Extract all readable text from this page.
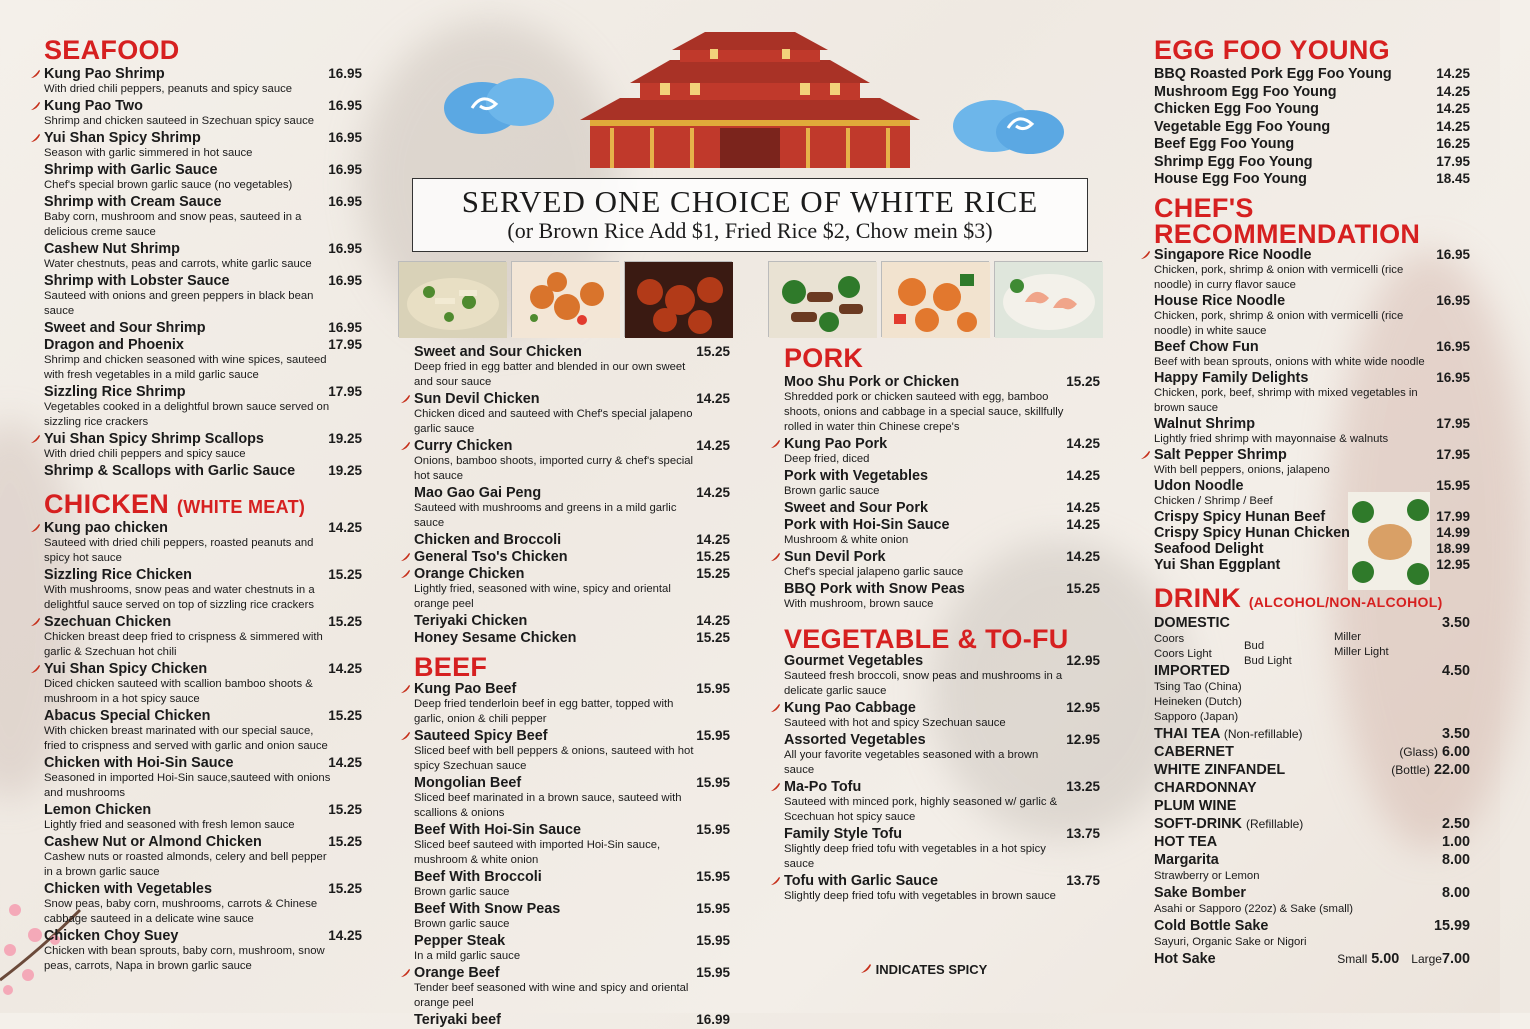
SERVED ONE CHOICE OF WHITE RICE
(or Brown Rice Add $1, Fried Rice $2, Chow mein $3)
SEAFOOD
Kung Pao Shrimp	16.95
With dried chili peppers, peanuts and spicy sauce
Kung Pao Two	16.95
Shrimp and chicken sauteed in Szechuan spicy sauce
Yui Shan Spicy Shrimp	16.95
Season with garlic simmered in hot sauce
Shrimp with Garlic Sauce	16.95
Chef's special brown garlic sauce (no vegetables)
Shrimp with Cream Sauce	16.95
Baby corn, mushroom and snow peas, sauteed in a delicious creme sauce
Cashew Nut Shrimp	16.95
Water chestnuts, peas and carrots, white garlic sauce
Shrimp with Lobster Sauce	16.95
Sauteed with onions and green peppers in black bean sauce
Sweet and Sour Shrimp	16.95
Dragon and Phoenix	17.95
Shrimp and chicken seasoned with wine spices, sauteed with fresh vegetables in a mild garlic sauce
Sizzling Rice Shrimp	17.95
Vegetables cooked in a delightful brown sauce served on sizzling rice crackers
Yui Shan Spicy Shrimp Scallops	19.25
With dried chili peppers and spicy sauce
Shrimp & Scallops with Garlic Sauce	19.25
CHICKEN (WHITE MEAT)
Kung pao chicken	14.25
Sauteed with dried chili peppers, roasted peanuts and spicy hot sauce
Sizzling Rice Chicken	15.25
With mushrooms, snow peas and water chestnuts in a delightful sauce served on top of sizzling rice crackers
Szechuan Chicken	15.25
Chicken breast deep fried to crispness & simmered with garlic & Szechuan hot chili
Yui Shan Spicy Chicken	14.25
Diced chicken sauteed with scallion bamboo shoots & mushroom in a hot spicy sauce
Abacus Special Chicken	15.25
With chicken breast marinated with our special sauce, fried to crispness and served with garlic and onion sauce
Chicken with Hoi-Sin Sauce	14.25
Seasoned in imported Hoi-Sin sauce,sauteed with onions and mushrooms
Lemon Chicken	15.25
Lightly fried and seasoned with fresh lemon sauce
Cashew Nut or Almond Chicken	15.25
Cashew nuts or roasted almonds, celery and bell pepper in a brown garlic sauce
Chicken with Vegetables	15.25
Snow peas, baby corn, mushrooms, carrots & Chinese cabbage sauteed in a delicate wine sauce
Chicken Choy Suey	14.25
Chicken with bean sprouts, baby corn, mushroom, snow peas, carrots, Napa in brown garlic sauce
Sweet and Sour Chicken	15.25
Deep fried in egg batter and blended in our own sweet and sour sauce
Sun Devil Chicken	14.25
Chicken diced and sauteed with Chef's special jalapeno garlic sauce
Curry Chicken	14.25
Onions, bamboo shoots, imported curry & chef's special hot sauce
Mao Gao Gai Peng	14.25
Sauteed with mushrooms and greens in a mild garlic sauce
Chicken and Broccoli	14.25
General Tso's Chicken	15.25
Orange Chicken	15.25
Lightly fried, seasoned with wine, spicy and oriental orange peel
Teriyaki Chicken	14.25
Honey Sesame Chicken	15.25
BEEF
Kung Pao Beef	15.95
Deep fried tenderloin beef in egg batter, topped with garlic, onion & chili pepper
Sauteed Spicy Beef	15.95
Sliced beef with bell peppers & onions, sauteed with hot spicy Szechuan sauce
Mongolian Beef	15.95
Sliced beef marinated in a brown sauce, sauteed with scallions & onions
Beef With Hoi-Sin Sauce	15.95
Sliced beef sauteed with imported Hoi-Sin sauce, mushroom & white onion
Beef With Broccoli	15.95
Brown garlic sauce
Beef With Snow Peas	15.95
Brown garlic sauce
Pepper Steak	15.95
In a mild garlic sauce
Orange Beef	15.95
Tender beef seasoned with wine and spicy and oriental orange peel
Teriyaki beef	16.99
PORK
Moo Shu Pork or Chicken	15.25
Shredded pork or chicken sauteed with egg, bamboo shoots, onions and cabbage in a special sauce, skillfully rolled in water thin Chinese crepe's
Kung Pao Pork	14.25
Deep fried, diced
Pork with Vegetables	14.25
Brown garlic sauce
Sweet and Sour Pork	14.25
Pork with Hoi-Sin Sauce	14.25
Mushroom & white onion
Sun Devil Pork	14.25
Chef's special jalapeno garlic sauce
BBQ Pork with Snow Peas	15.25
With mushroom, brown sauce
VEGETABLE & TO-FU
Gourmet Vegetables	12.95
Sauteed fresh broccoli, snow peas and mushrooms in a delicate garlic sauce
Kung Pao Cabbage	12.95
Sauteed with hot and spicy Szechuan sauce
Assorted Vegetables	12.95
All your favorite vegetables seasoned with a brown sauce
Ma-Po Tofu	13.25
Sauteed with minced pork, highly seasoned w/ garlic & Scechuan hot spicy sauce
Family Style Tofu	13.75
Slightly deep fried tofu with vegetables in a hot spicy sauce
Tofu with Garlic Sauce	13.75
Slightly deep fried tofu with vegetables in brown sauce
INDICATES SPICY
EGG FOO YOUNG
BBQ Roasted Pork Egg Foo Young	14.25
Mushroom Egg Foo Young	14.25
Chicken Egg Foo Young	14.25
Vegetable Egg Foo Young	14.25
Beef Egg Foo Young	16.25
Shrimp Egg Foo Young	17.95
House Egg Foo Young	18.45
CHEF'S
RECOMMENDATION
Singapore Rice Noodle	16.95
Chicken, pork, shrimp & onion with vermicelli (rice noodle) in curry flavor sauce
House Rice Noodle	16.95
Chicken, pork, shrimp & onion with vermicelli (rice noodle) in white sauce
Beef Chow Fun	16.95
Beef with bean sprouts, onions with white wide noodle
Happy Family Delights	16.95
Chicken, pork, beef, shrimp with mixed vegetables in brown sauce
Walnut Shrimp	17.95
Lightly fried shrimp with mayonnaise & walnuts
Salt Pepper Shrimp	17.95
With bell peppers, onions, jalapeno
Udon Noodle	15.95
Chicken / Shrimp / Beef
Crispy Spicy Hunan Beef	17.99
Crispy Spicy Hunan Chicken	14.99
Seafood Delight	18.99
Yui Shan Eggplant	12.95
DRINK (ALCOHOL/NON-ALCOHOL)
DOMESTIC	3.50
Coors
Coors Light
Bud
Bud Light
Miller
Miller Light
IMPORTED	4.50
Tsing Tao (China)
Heineken (Dutch)
Sapporo (Japan)
THAI TEA (Non-refillable)	3.50
CABERNET	(Glass) 6.00
WHITE ZINFANDEL	(Bottle) 22.00
CHARDONNAY
PLUM WINE
SOFT-DRINK (Refillable)	2.50
HOT TEA	1.00
Margarita	8.00
Strawberry or Lemon
Sake Bomber	8.00
Asahi or Sapporo (22oz) & Sake (small)
Cold Bottle Sake	15.99
Sayuri, Organic Sake or Nigori
Hot Sake	Small 5.00 Large7.00
